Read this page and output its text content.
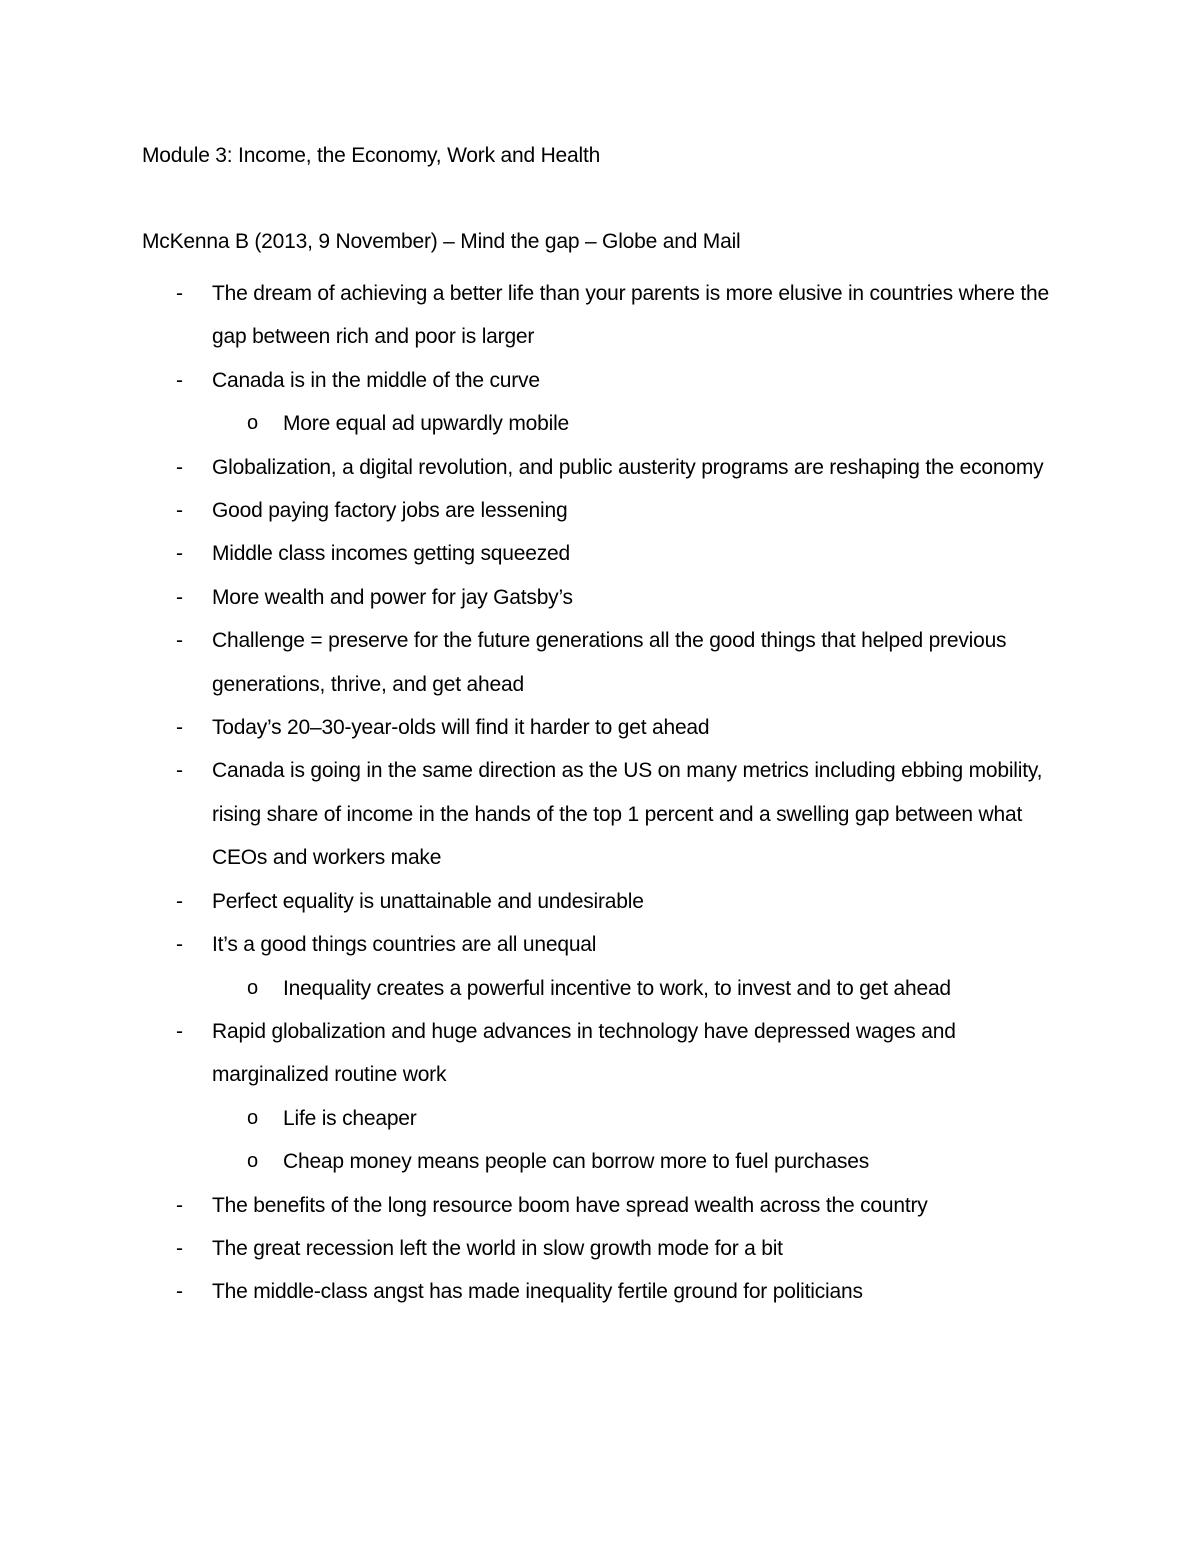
Module 3: Income, the Economy, Work and Health
McKenna B (2013, 9 November) – Mind the gap – Globe and Mail
- The dream of achieving a better life than your parents is more elusive in countries where the gap between rich and poor is larger
- Canada is in the middle of the curve
o More equal ad upwardly mobile
- Globalization, a digital revolution, and public austerity programs are reshaping the economy
- Good paying factory jobs are lessening
- Middle class incomes getting squeezed
- More wealth and power for jay Gatsby’s
- Challenge = preserve for the future generations all the good things that helped previous generations, thrive, and get ahead
- Today’s 20–30-year-olds will find it harder to get ahead
- Canada is going in the same direction as the US on many metrics including ebbing mobility, rising share of income in the hands of the top 1 percent and a swelling gap between what CEOs and workers make
- Perfect equality is unattainable and undesirable
- It’s a good things countries are all unequal
o Inequality creates a powerful incentive to work, to invest and to get ahead
- Rapid globalization and huge advances in technology have depressed wages and marginalized routine work
o Life is cheaper
o Cheap money means people can borrow more to fuel purchases
- The benefits of the long resource boom have spread wealth across the country
- The great recession left the world in slow growth mode for a bit
- The middle-class angst has made inequality fertile ground for politicians
